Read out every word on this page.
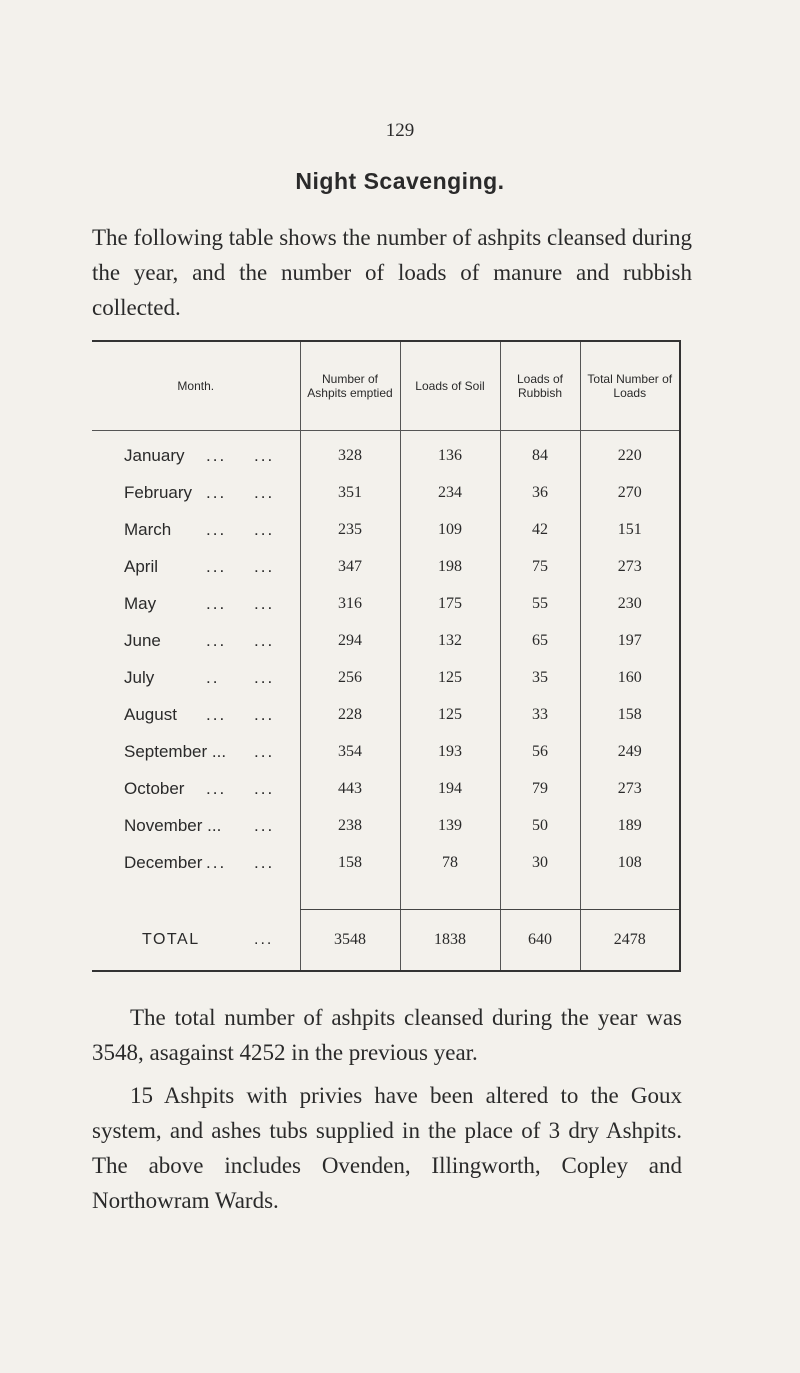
129
Night Scavenging.

The following table shows the number of ashpits cleansed during the year, and the number of loads of manure and rubbish collected.

Month.	Number of Ashpits emptied	Loads of Soil	Loads of Rubbish	Total Number of Loads
January ... ...	328	136	84	220
February ... ...	351	234	36	270
March ... ...	235	109	42	151
April ... ...	347	198	75	273
May ... ...	316	175	55	230
June ... ...	294	132	65	197
July .. ...	256	125	35	160
August ... ...	228	125	33	158
September ... ...	354	193	56	249
October ... ...	443	194	79	273
November ... ...	238	139	50	189
December ... ...	158	78	30	108

TOTAL ...	3548	1838	640	2478

The total number of ashpits cleansed during the year was 3548, asagainst 4252 in the previous year.

15 Ashpits with privies have been altered to the Goux system, and ashes tubs supplied in the place of 3 dry Ashpits. The above includes Ovenden, Illingworth, Copley and Northowram Wards.
